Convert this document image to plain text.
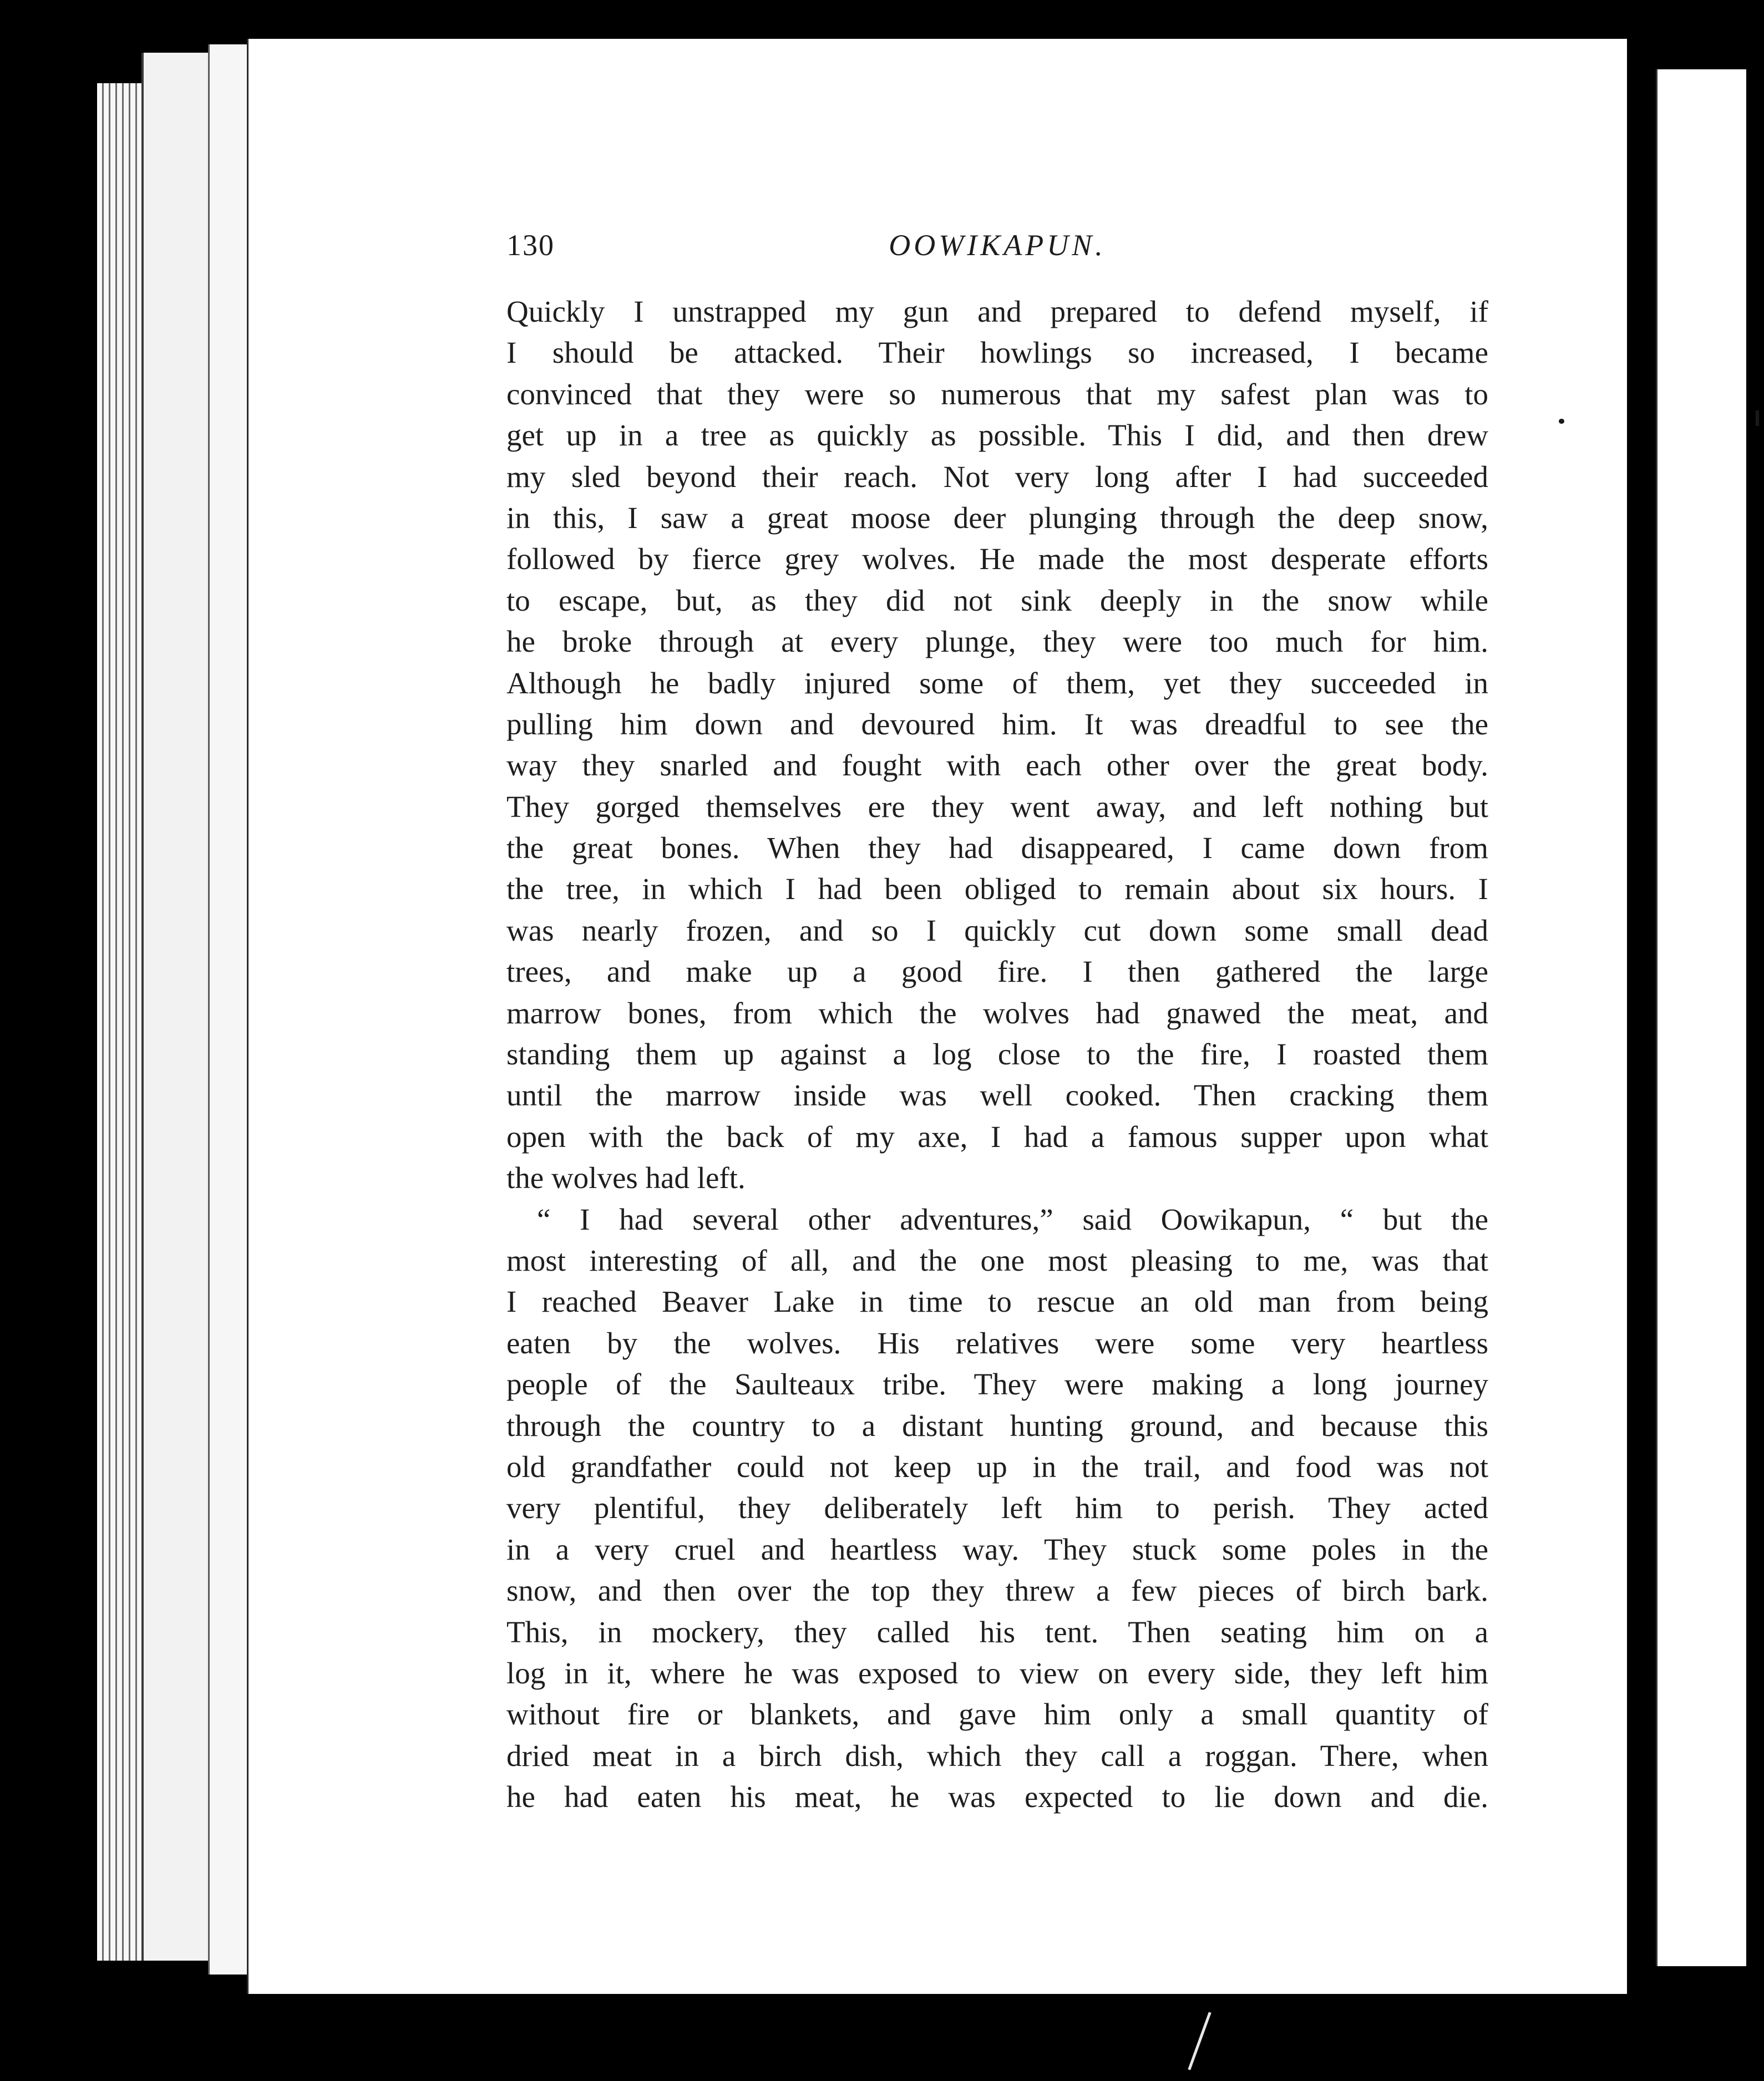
130	OOWIKAPUN.
Quickly I unstrapped my gun and prepared to defend myself, if
I should be attacked. Their howlings so increased, I became
convinced that they were so numerous that my safest plan was to
get up in a tree as quickly as possible. This I did, and then drew
my sled beyond their reach. Not very long after I had succeeded
in this, I saw a great moose deer plunging through the deep snow,
followed by fierce grey wolves. He made the most desperate efforts
to escape, but, as they did not sink deeply in the snow while
he broke through at every plunge, they were too much for him.
Although he badly injured some of them, yet they succeeded in
pulling him down and devoured him. It was dreadful to see the
way they snarled and fought with each other over the great body.
They gorged themselves ere they went away, and left nothing but
the great bones. When they had disappeared, I came down from
the tree, in which I had been obliged to remain about six hours. I
was nearly frozen, and so I quickly cut down some small dead
trees, and make up a good fire. I then gathered the large
marrow bones, from which the wolves had gnawed the meat, and
standing them up against a log close to the fire, I roasted them
until the marrow inside was well cooked. Then cracking them
open with the back of my axe, I had a famous supper upon what
the wolves had left.
“ I had several other adventures,” said Oowikapun, “ but the
most interesting of all, and the one most pleasing to me, was that
I reached Beaver Lake in time to rescue an old man from being
eaten by the wolves. His relatives were some very heartless
people of the Saulteaux tribe. They were making a long journey
through the country to a distant hunting ground, and because this
old grandfather could not keep up in the trail, and food was not
very plentiful, they deliberately left him to perish. They acted
in a very cruel and heartless way. They stuck some poles in the
snow, and then over the top they threw a few pieces of birch bark.
This, in mockery, they called his tent. Then seating him on a
log in it, where he was exposed to view on every side, they left him
without fire or blankets, and gave him only a small quantity of
dried meat in a birch dish, which they call a roggan. There, when
he had eaten his meat, he was expected to lie down and die.
